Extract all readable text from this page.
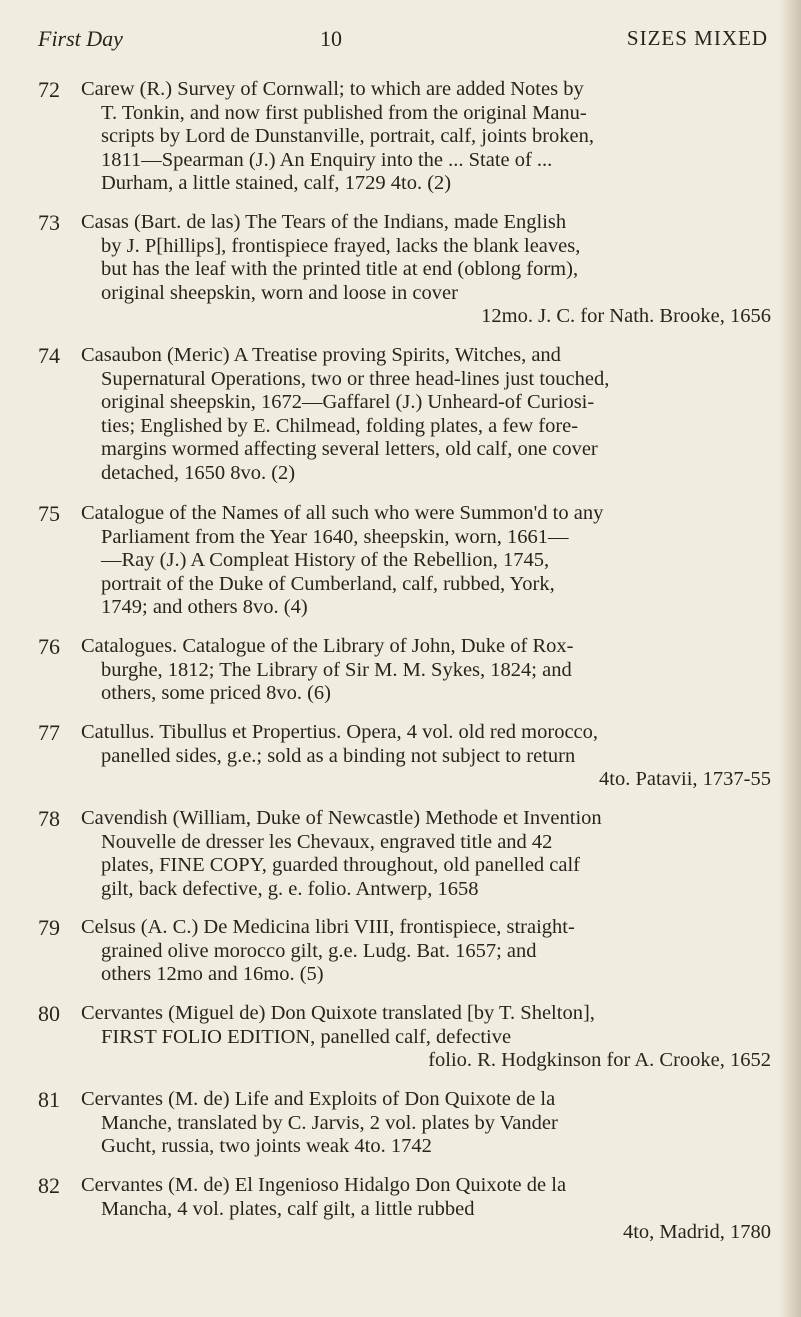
First Day	10	SIZES MIXED
72	Carew (R.) Survey of Cornwall; to which are added Notes by
T. Tonkin, and now first published from the original Manu-
scripts by Lord de Dunstanville, portrait, calf, joints broken,
1811—Spearman (J.) An Enquiry into the ... State of ...
Durham, a little stained, calf, 1729 4to. (2)
73	Casas (Bart. de las) The Tears of the Indians, made English
by J. P[hillips], frontispiece frayed, lacks the blank leaves,
but has the leaf with the printed title at end (oblong form),
original sheepskin, worn and loose in cover
12mo. J. C. for Nath. Brooke, 1656
74	Casaubon (Meric) A Treatise proving Spirits, Witches, and
Supernatural Operations, two or three head-lines just touched,
original sheepskin, 1672—Gaffarel (J.) Unheard-of Curiosi-
ties; Englished by E. Chilmead, folding plates, a few fore-
margins wormed affecting several letters, old calf, one cover
detached, 1650 8vo. (2)
75	Catalogue of the Names of all such who were Summon'd to any
Parliament from the Year 1640, sheepskin, worn, 1661—
—Ray (J.) A Compleat History of the Rebellion, 1745,
portrait of the Duke of Cumberland, calf, rubbed, York,
1749; and others 8vo. (4)
76	Catalogues. Catalogue of the Library of John, Duke of Rox-
burghe, 1812; The Library of Sir M. M. Sykes, 1824; and
others, some priced 8vo. (6)
77	Catullus. Tibullus et Propertius. Opera, 4 vol. old red morocco,
panelled sides, g.e.; sold as a binding not subject to return
4to. Patavii, 1737-55
78	Cavendish (William, Duke of Newcastle) Methode et Invention
Nouvelle de dresser les Chevaux, engraved title and 42
plates, FINE COPY, guarded throughout, old panelled calf
gilt, back defective, g. e. folio. Antwerp, 1658
79	Celsus (A. C.) De Medicina libri VIII, frontispiece, straight-
grained olive morocco gilt, g.e. Ludg. Bat. 1657; and
others 12mo and 16mo. (5)
80	Cervantes (Miguel de) Don Quixote translated [by T. Shelton],
FIRST FOLIO EDITION, panelled calf, defective
folio. R. Hodgkinson for A. Crooke, 1652
81	Cervantes (M. de) Life and Exploits of Don Quixote de la
Manche, translated by C. Jarvis, 2 vol. plates by Vander
Gucht, russia, two joints weak 4to. 1742
82	Cervantes (M. de) El Ingenioso Hidalgo Don Quixote de la
Mancha, 4 vol. plates, calf gilt, a little rubbed
4to, Madrid, 1780
